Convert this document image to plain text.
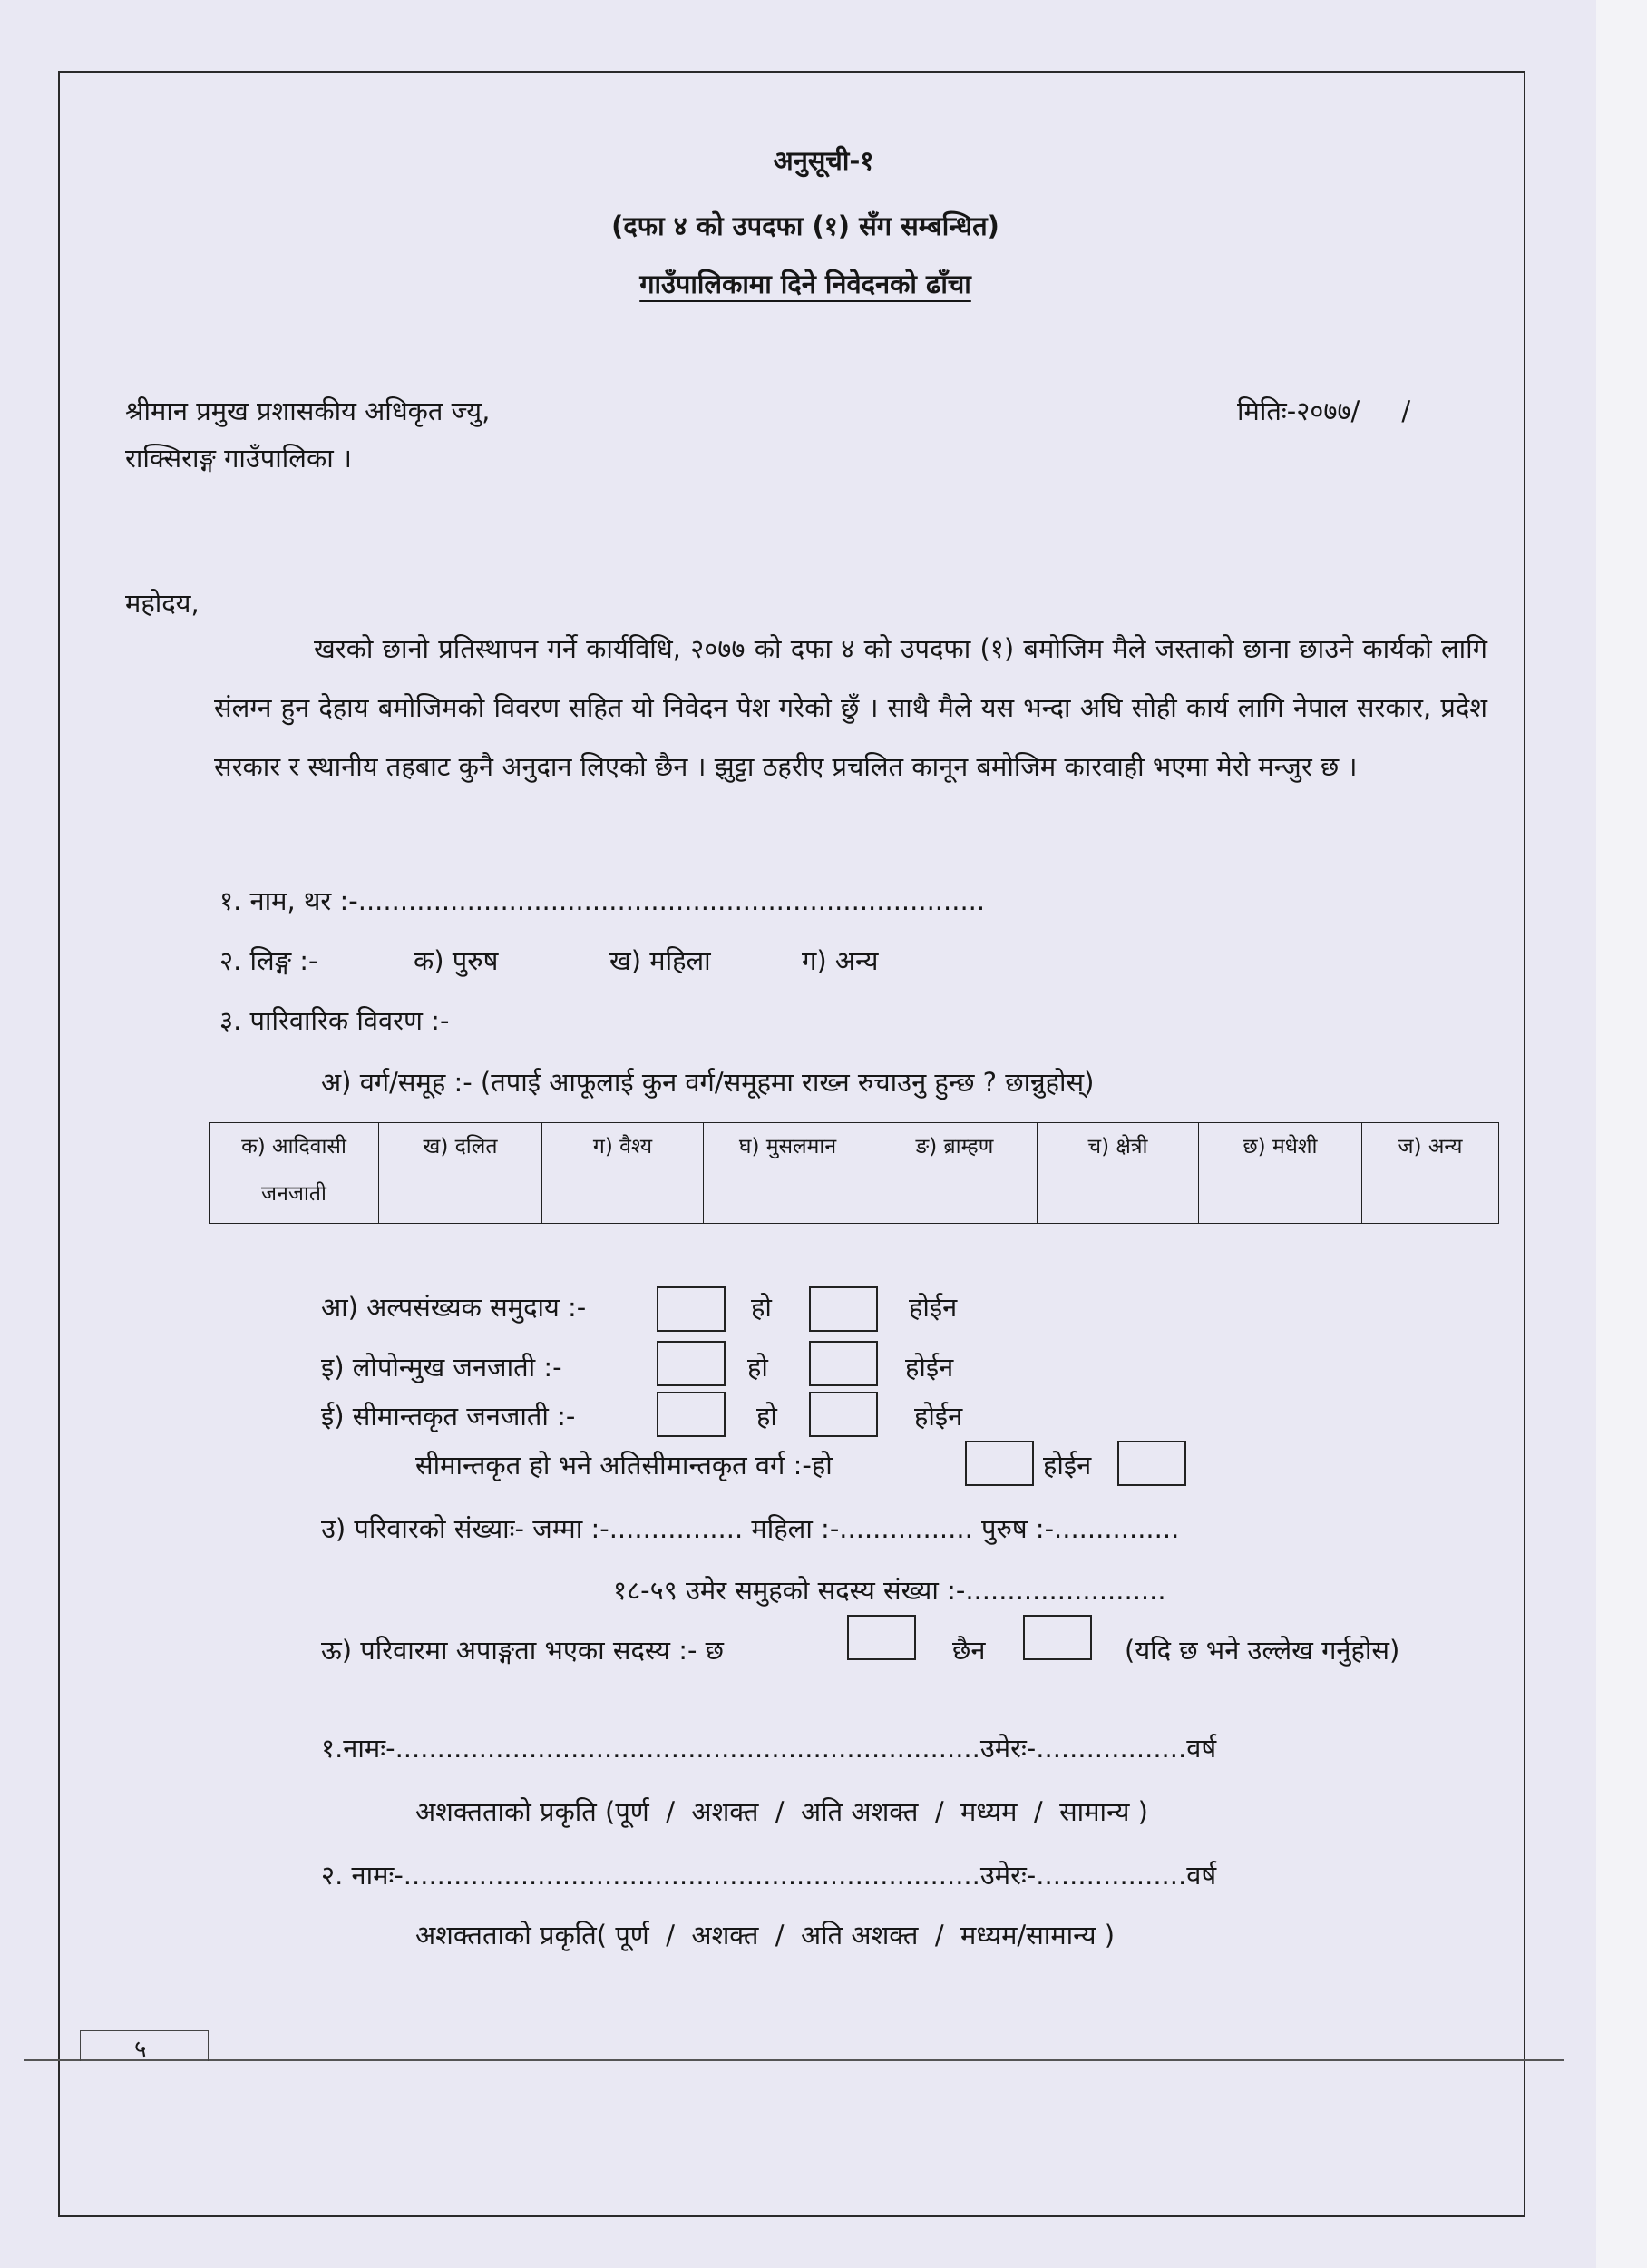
अनुसूची-१
(दफा ४ को उपदफा (१) सँग सम्बन्धित)
गाउँपालिकामा दिने निवेदनको ढाँचा
श्रीमान प्रमुख प्रशासकीय अधिकृत ज्यु,
राक्सिराङ्ग गाउँपालिका ।
मितिः-२०७७/     /
महोदय,
खरको छानो प्रतिस्थापन गर्ने कार्यविधि, २०७७ को दफा ४ को उपदफा (१) बमोजिम मैले जस्ताको छाना छाउने कार्यको लागि संलग्न हुन देहाय बमोजिमको विवरण सहित यो निवेदन पेश गरेको छुँ । साथै मैले यस भन्दा अघि सोही कार्य लागि नेपाल सरकार, प्रदेश सरकार र स्थानीय तहबाट कुनै अनुदान लिएको छैन । झुट्टा ठहरीए प्रचलित कानून बमोजिम कारवाही भएमा मेरो मन्जुर छ ।
१. नाम, थर :-...........................................................................
२. लिङ्ग :-	क) पुरुष	ख) महिला	ग) अन्य
३. पारिवारिक विवरण :-
अ) वर्ग/समूह :- (तपाई आफूलाई कुन वर्ग/समूहमा राख्न रुचाउनु हुन्छ ? छान्नुहोस्)
क) आदिवासी
जनजाती	ख) दलित	ग) वैश्य	घ) मुसलमान	ङ) ब्राम्हण	च) क्षेत्री	छ) मधेशी	ज) अन्य
आ) अल्पसंख्यक समुदाय :-	हो	होईन
इ) लोपोन्मुख जनजाती :-	हो	होईन
ई) सीमान्तकृत जनजाती :-	हो	होईन
सीमान्तकृत हो भने अतिसीमान्तकृत वर्ग :-हो	होईन
उ) परिवारको संख्याः- जम्मा :-................ महिला :-................ पुरुष :-...............
१८-५९ उमेर समुहको सदस्य संख्या :-........................
ऊ) परिवारमा अपाङ्गता भएका सदस्य :- छ	छैन	(यदि छ भने उल्लेख गर्नुहोस)
१.नामः-......................................................................उमेरः-..................वर्ष
अशक्तताको प्रकृति (पूर्ण  /  अशक्त  /  अति अशक्त  /  मध्यम  /  सामान्य )
२. नामः-.....................................................................उमेरः-..................वर्ष
अशक्तताको प्रकृति( पूर्ण  /  अशक्त  /  अति अशक्त  /  मध्यम/सामान्य )
५
